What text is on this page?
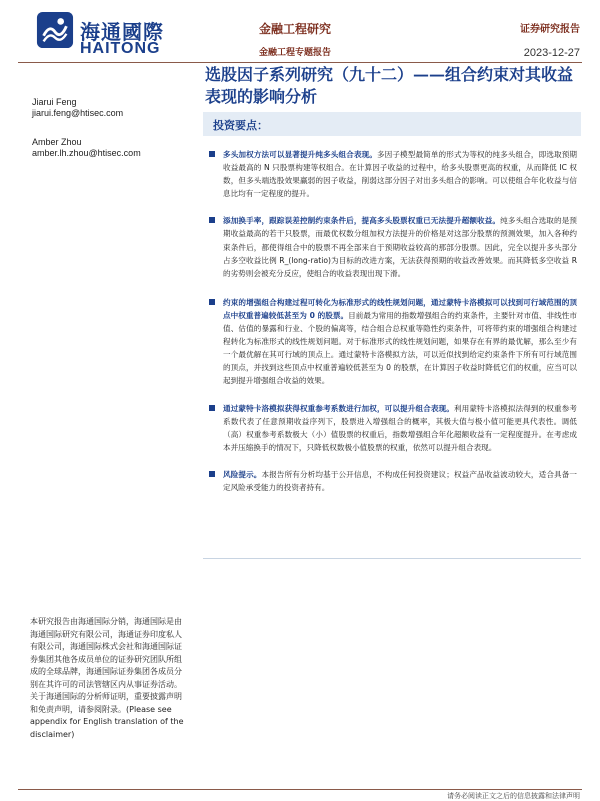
海通國際
HAITONG
金融工程研究
金融工程专题报告
证券研究报告
2023-12-27
选股因子系列研究（九十二）——组合约束对其收益表现的影响分析
Jiarui Feng
jiarui.feng@htisec.com
Amber Zhou
amber.lh.zhou@htisec.com
投资要点：
多头加权方法可以显著提升纯多头组合表现。多因子模型最简单的形式为等权的纯多头组合，即选取预期收益最高的 N 只股票构建等权组合。在计算因子收益的过程中，给多头股票更高的权重，从而降低 IC 权数，但多头端选股效果赢弱的因子收益，削弱这部分因子对出多头组合的影响。可以使组合年化收益与信息比均有一定程度的提升。
添加换手率，跟踪误差控制约束条件后，提高多头股票权重已无法提升超额收益。纯多头组合选取的是预期收益最高的若干只股票，而最优权数分组加权方法提升的价格是对这部分股票的预测效果，加入各种约束条件后，都使得组合中的股票不再全部来自于预期收益较高的那部分股票。因此，完全以提升多头部分占多空收益比例 R_(long-ratio)为目标的改进方案，无法获得预期的收益改善效果。而其降低多空收益 R 的劣势则会被充分反应，使组合的收益表现出现下滑。
约束的增强组合构建过程可转化为标准形式的线性规划问题，通过蒙特卡洛模拟可以找到可行域范围的顶点中权重普遍较低甚至为 0 的股票。目前最为常用的指数增强组合的约束条件，主要针对市值、非线性市值、估值的暴露和行业、个股的偏离等，结合组合总权重等隐性约束条件，可将带约束的增强组合构建过程转化为标准形式的线性规划问题。对于标准形式的线性规划问题，如果存在有界的最优解，那么至少有一个最优解在其可行域的顶点上。通过蒙特卡洛模拟方法，可以近似找到给定约束条件下所有可行域范围的顶点，并找到这些顶点中权重普遍较低甚至为 0 的股票，在计算因子收益时降低它们的权重，应当可以起到提升增强组合收益的效果。
通过蒙特卡洛模拟获得权重参考系数进行加权，可以提升组合表现。利用蒙特卡洛模拟法得到的权重参考系数代表了任意预期收益序列下，股票进入增强组合的概率，其极大值与极小值可能更具代表性。调低（高）权重参考系数极大（小）值股票的权重后，指数增强组合年化超额收益有一定程度提升。在考虑成本并压缩换手的情况下，只降低权数极小值股票的权重，依然可以提升组合表现。
风险提示。本报告所有分析均基于公开信息，不构成任何投资建议；权益产品收益波动较大，适合具备一定风险承受能力的投资者持有。
本研究报告由海通国际分销，海通国际是由海通国际研究有限公司，海通证券印度私人有限公司，海通国际株式会社和海通国际证券集团其他各成员单位的证券研究团队所组成的全球品牌，海通国际证券集团各成员分别在其许可的司法管辖区内从事证券活动。关于海通国际的分析师证明，重要披露声明和免责声明，请参阅附录。(Please see appendix for English translation of the disclaimer)
请务必阅读正文之后的信息披露和法律声明
